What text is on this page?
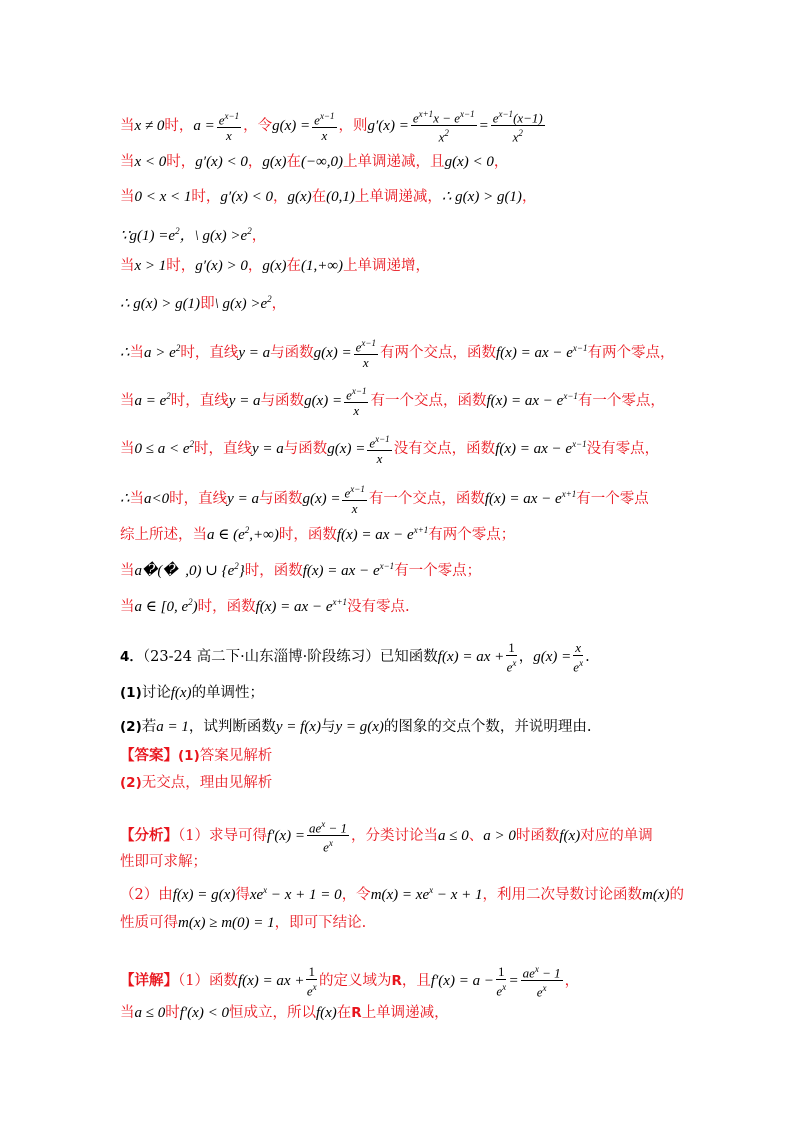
当x ≠ 0时，$a = \frac{e^{x-1}}{x}$ ，令$g(x) = \frac{e^{x-1}}{x}$ ，则$g'(x) = \frac{e^{x+1}x - e^{x-1}}{x^2} = \frac{e^{x-1}(x-1)}{x^2}$
当x < 0时，g′(x) < 0，g(x)在(−∞,0)上单调递减，且g(x) < 0，
当0 < x < 1时，g′(x) < 0，g(x)在(0,1)上单调递减，∴ g(x) > g(1)，
∵g(1) $=e^2$，\ $g(x) >e^2$，
当x > 1时，g′(x) > 0，g(x)在(1,+∞)上单调递增，
∴ g(x) > g(1)即\ $g(x) >e^2$，
∴当$a > e^2$时，直线y = a与函数$g(x) = \frac{e^{x-1}}{x}$ 有两个交点，函数f(x) = ax − $e^{x-1}$有两个零点，
当$a = e^2$时，直线y = a与函数$g(x) = \frac{e^{x-1}}{x}$ 有一个交点，函数f(x) = ax − $e^{x-1}$有一个零点，
当$0 \le a < e^2$时，直线y = a与函数$g(x) = \frac{e^{x-1}}{x}$ 没有交点，函数f(x) = ax − $e^{x-1}$没有零点，
∴当a<0时，直线y = a与函数$g(x) = \frac{e^{x-1}}{x}$ 有一个交点，函数f(x) = ax − $e^{x+1}$有一个零点
综上所述，当a ∈ $(e^2,+\infty)$时，函数f(x) = ax − $e^{x+1}$有两个零点；
当a�(�  ,0) ∪ $\{e^2\}$时，函数f(x) = ax − $e^{x-1}$有一个零点；
当a ∈ [0, $e^2$)时，函数f(x) = ax − $e^{x+1}$没有零点.
4．（23-24 高二下·山东淄博·阶段练习）已知函数f(x) = ax + $\frac{1}{e^x}$ ，$g(x) = \frac{x}{e^x}$ .
(1)讨论f(x)的单调性；
(2)若a = 1，试判断函数y = f(x)与y = g(x)的图象的交点个数，并说明理由.
【答案】(1)答案见解析
(2)无交点，理由见解析
【分析】（1）求导可得$f'(x) = ae^x - 1$
$e^x$	，分类讨论当a ≤ 0、a > 0时函数f(x)对应的单调
性即可求解；
（2）由f(x) = g(x)得$xe^x - x + 1 = 0$，令$m(x) = xe^x - x + 1$，利用二次导数讨论函数m(x)的
性质可得m(x) ≥ m(0) = 1，即可下结论.
【详解】（1）函数f(x) = ax + $\frac{1}{e^x}$ 的定义域为R，且$f'(x) = a - \frac{1}{e^x} = ae^x - 1$
$e^x$	，
当a ≤ 0时f′(x) < 0恒成立，所以f(x)在R上单调递减，
